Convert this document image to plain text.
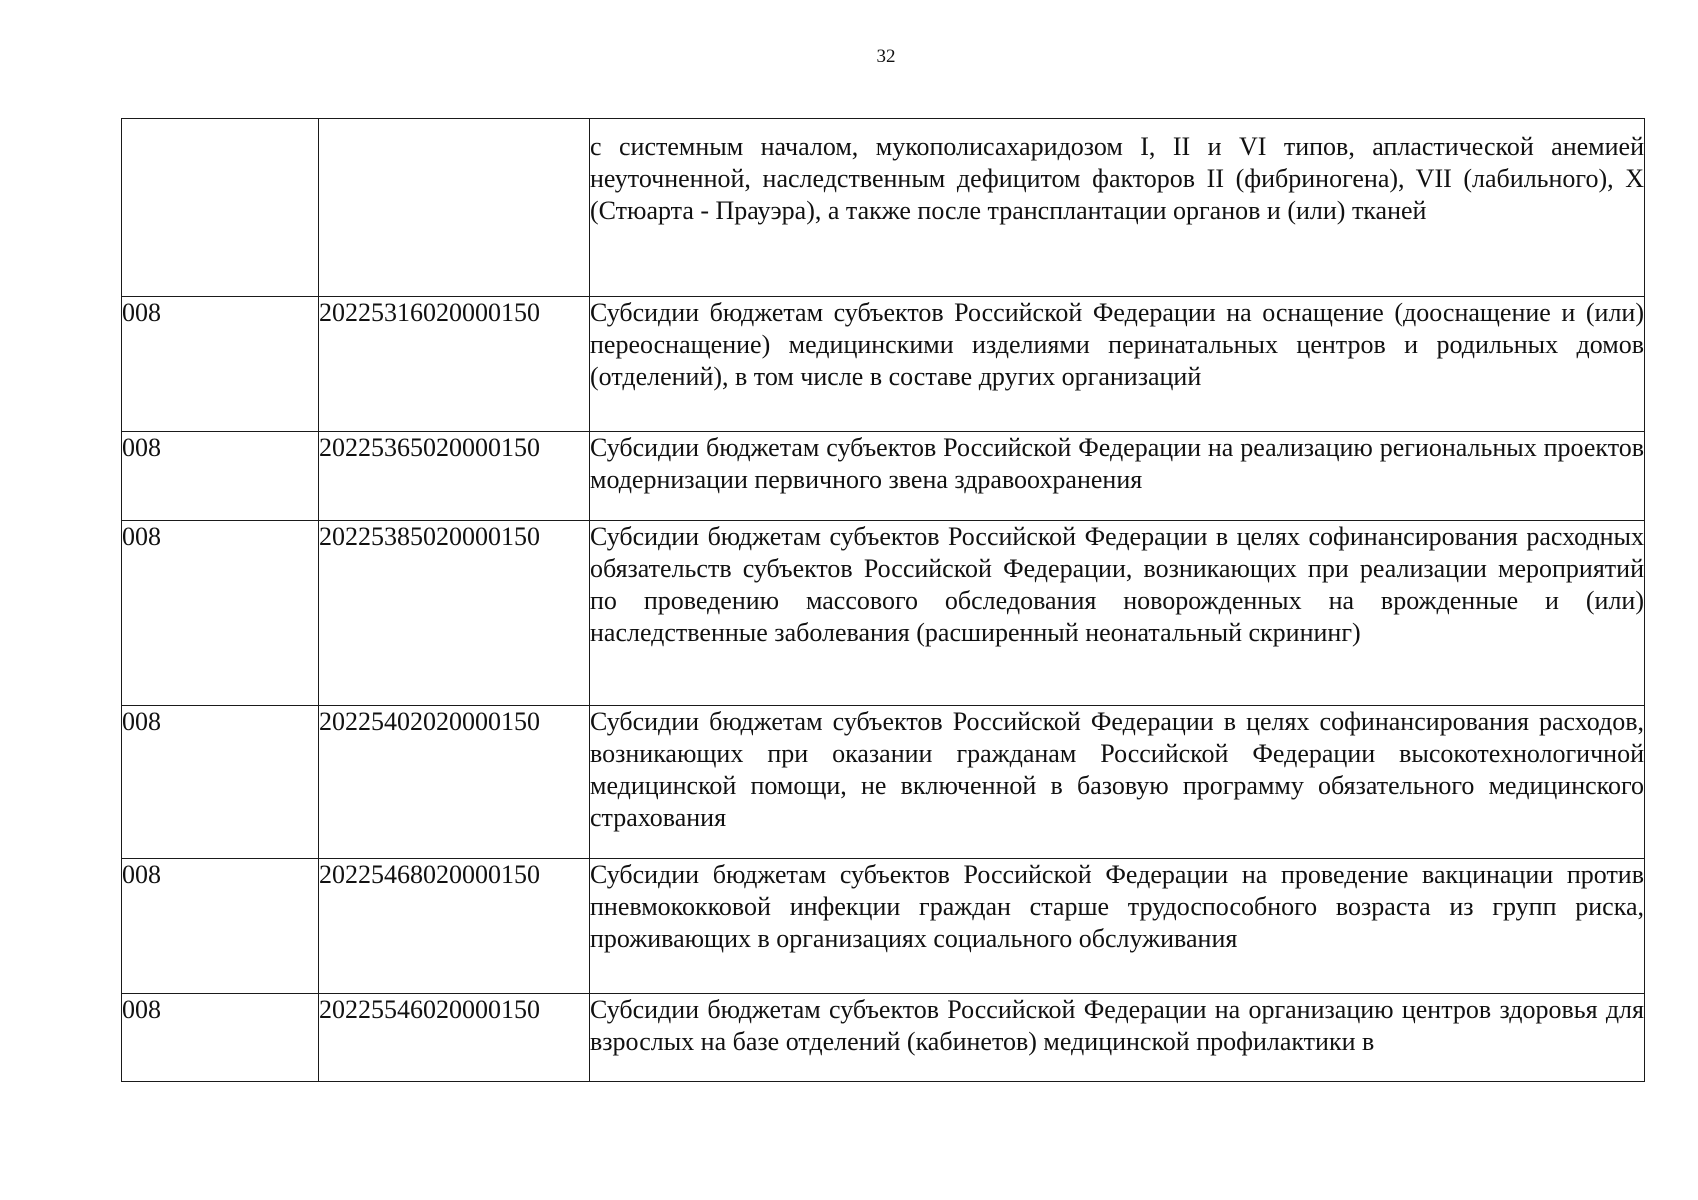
32
		с системным началом, мукополисахаридозом I, II и VI типов, апластической анемией неуточненной, наследственным дефицитом факторов II (фибриногена), VII (лабильного), X (Стюарта - Прауэра), а также после трансплантации органов и (или) тканей
008	20225316020000150	Субсидии бюджетам субъектов Российской Федерации на оснащение (дооснащение и (или) переоснащение) медицинскими изделиями перинатальных центров и родильных домов (отделений), в том числе в составе других организаций
008	20225365020000150	Субсидии бюджетам субъектов Российской Федерации на реализацию региональных проектов модернизации первичного звена здравоохранения
008	20225385020000150	Субсидии бюджетам субъектов Российской Федерации в целях софинансирования расходных обязательств субъектов Российской Федерации, возникающих при реализации мероприятий по проведению массового обследования новорожденных на врожденные и (или) наследственные заболевания (расширенный неонатальный скрининг)
008	20225402020000150	Субсидии бюджетам субъектов Российской Федерации в целях софинансирования расходов, возникающих при оказании гражданам Российской Федерации высокотехнологичной медицинской помощи, не включенной в базовую программу обязательного медицинского страхования
008	20225468020000150	Субсидии бюджетам субъектов Российской Федерации на проведение вакцинации против пневмококковой инфекции граждан старше трудоспособного возраста из групп риска, проживающих в организациях социального обслуживания
008	20225546020000150	Субсидии бюджетам субъектов Российской Федерации на организацию центров здоровья для взрослых на базе отделений (кабинетов) медицинской профилактики в
